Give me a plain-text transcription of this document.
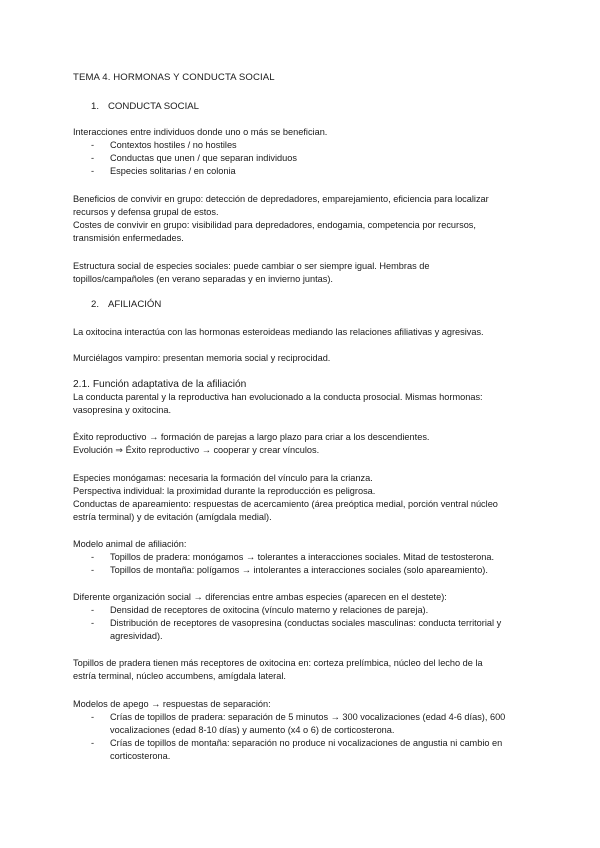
TEMA 4. HORMONAS Y CONDUCTA SOCIAL
1. CONDUCTA SOCIAL

Interacciones entre individuos donde uno o más se benefician.

- Contextos hostiles / no hostiles
- Conductas que unen / que separan individuos
- Especies solitarias / en colonia

Beneficios de convivir en grupo: detección de depredadores, emparejamiento, eficiencia para localizar

recursos y defensa grupal de estos.

Costes de convivir en grupo: visibilidad para depredadores, endogamia, competencia por recursos,

transmisión enfermedades.

Estructura social de especies sociales: puede cambiar o ser siempre igual. Hembras de

topillos/campañoles (en verano separadas y en invierno juntas).

2. AFILIACIÓN

La oxitocina interactúa con las hormonas esteroideas mediando las relaciones afiliativas y agresivas.

Murciélagos vampiro: presentan memoria social y reciprocidad.

2.1. Función adaptativa de la afiliación

La conducta parental y la reproductiva han evolucionado a la conducta prosocial. Mismas hormonas:

vasopresina y oxitocina.

Éxito reproductivo → formación de parejas a largo plazo para criar a los descendientes.

Evolución ⇒ Éxito reproductivo → cooperar y crear vínculos.

Especies monógamas: necesaria la formación del vínculo para la crianza.

Perspectiva individual: la proximidad durante la reproducción es peligrosa.

Conductas de apareamiento: respuestas de acercamiento (área preóptica medial, porción ventral núcleo

estría terminal) y de evitación (amígdala medial).

Modelo animal de afiliación:

- Topillos de pradera: monógamos → tolerantes a interacciones sociales. Mitad de testosterona.
- Topillos de montaña: polígamos → intolerantes a interacciones sociales (solo apareamiento).

Diferente organización social → diferencias entre ambas especies (aparecen en el destete):

- Densidad de receptores de oxitocina (vínculo materno y relaciones de pareja).
- Distribución de receptores de vasopresina (conductas sociales masculinas: conducta territorial y agresividad).

Topillos de pradera tienen más receptores de oxitocina en: corteza prelímbica, núcleo del lecho de la

estría terminal, núcleo accumbens, amígdala lateral.

Modelos de apego → respuestas de separación:

- Crías de topillos de pradera: separación de 5 minutos → 300 vocalizaciones (edad 4-6 días), 600 vocalizaciones (edad 8-10 días) y aumento (x4 o 6) de corticosterona.
- Crías de topillos de montaña: separación no produce ni vocalizaciones de angustia ni cambio en corticosterona.
